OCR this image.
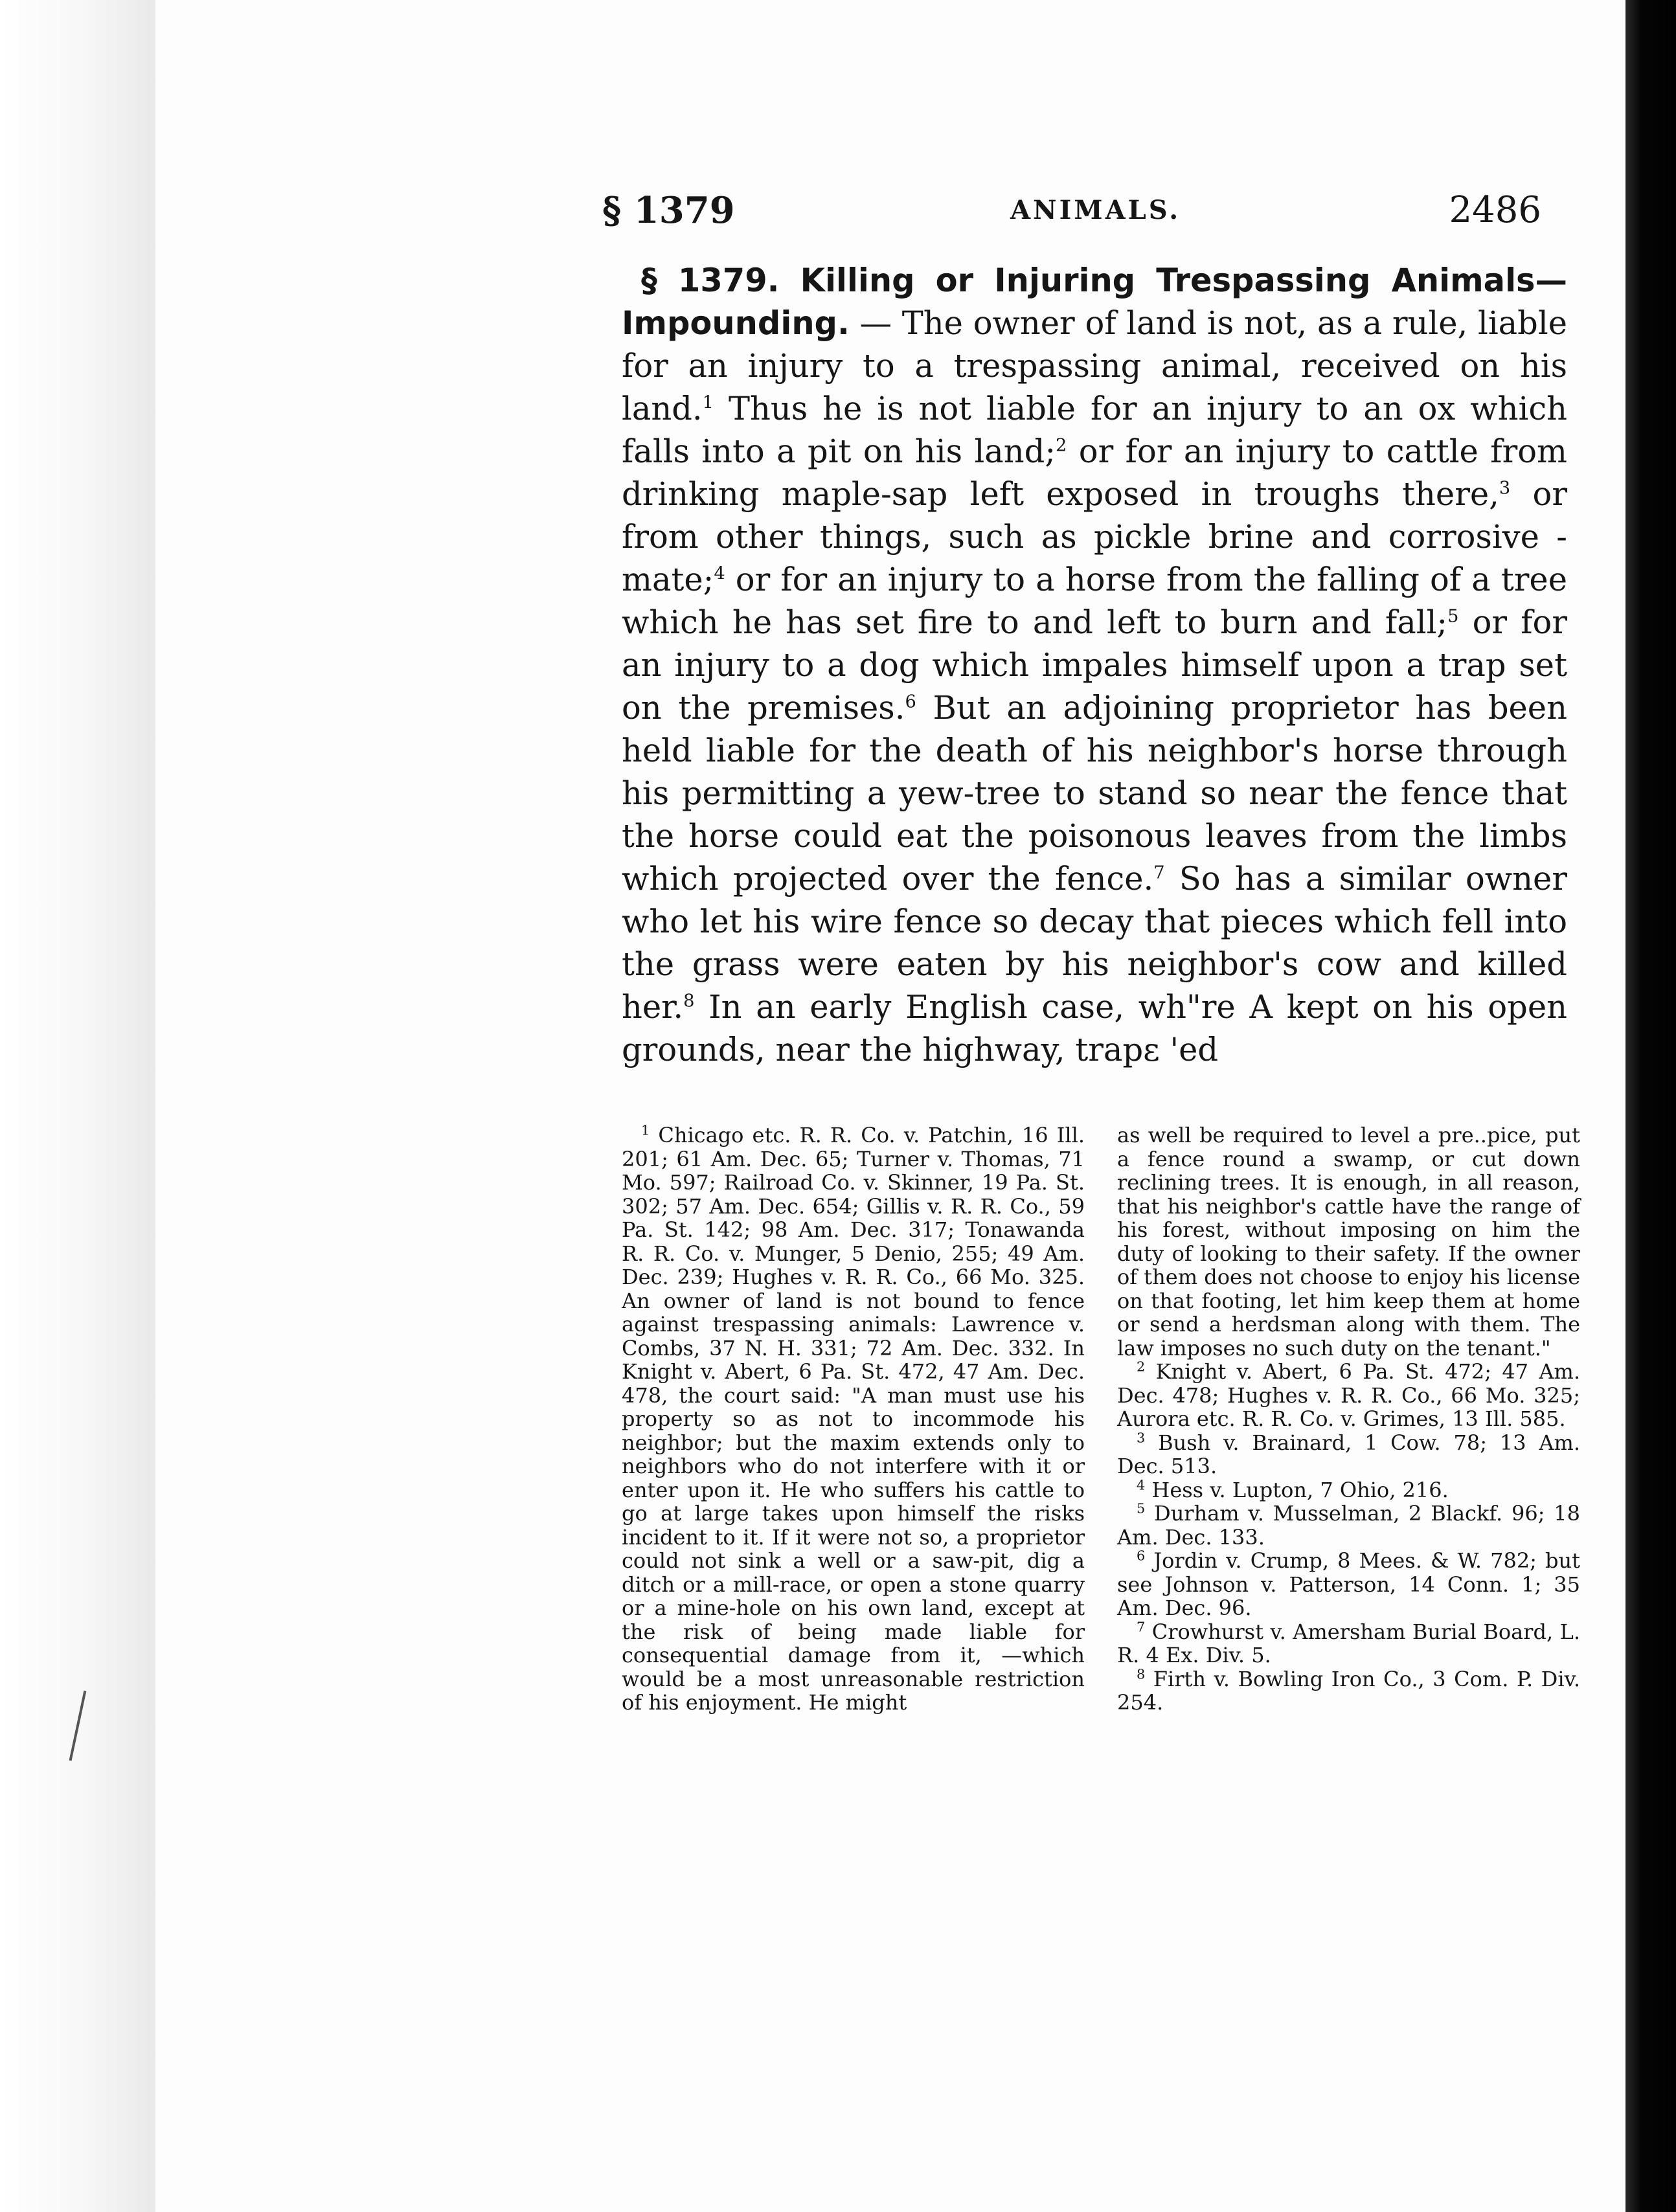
§ 1379	ANIMALS.	2486

§ 1379. Killing or Injuring Trespassing Animals— Impounding. — The owner of land is not, as a rule, liable for an injury to a trespassing animal, received on his land.$^1$ Thus he is not liable for an injury to an ox which falls into a pit on his land;$^2$ or for an injury to cattle from drinking maple-sap left exposed in troughs there,$^3$ or from other things, such as pickle brine and corrosive -mate;$^4$ or for an injury to a horse from the falling of a tree which he has set fire to and left to burn and fall;$^5$ or for an injury to a dog which impales himself upon a trap set on the premises.$^6$ But an adjoining proprietor has been held liable for the death of his neighbor's horse through his permitting a yew-tree to stand so near the fence that the horse could eat the poisonous leaves from the limbs which projected over the fence.$^7$ So has a similar owner who let his wire fence so decay that pieces which fell into the grass were eaten by his neighbor's cow and killed her.$^8$ In an early English case, wh"re A kept on his open grounds, near the highway, trapε 'ed

$^1$ Chicago etc. R. R. Co. v. Patchin, 16 Ill. 201; 61 Am. Dec. 65; Turner v. Thomas, 71 Mo. 597; Railroad Co. v. Skinner, 19 Pa. St. 302; 57 Am. Dec. 654; Gillis v. R. R. Co., 59 Pa. St. 142; 98 Am. Dec. 317; Tonawanda R. R. Co. v. Munger, 5 Denio, 255; 49 Am. Dec. 239; Hughes v. R. R. Co., 66 Mo. 325. An owner of land is not bound to fence against trespassing animals: Lawrence v. Combs, 37 N. H. 331; 72 Am. Dec. 332. In Knight v. Abert, 6 Pa. St. 472, 47 Am. Dec. 478, the court said: "A man must use his property so as not to incommode his neighbor; but the maxim extends only to neighbors who do not interfere with it or enter upon it. He who suffers his cattle to go at large takes upon himself the risks incident to it. If it were not so, a proprietor could not sink a well or a saw-pit, dig a ditch or a mill-race, or open a stone quarry or a mine-hole on his own land, except at the risk of being made liable for consequential damage from it, —which would be a most unreasonable restriction of his enjoyment. He might

as well be required to level a pre..pice, put a fence round a swamp, or cut down reclining trees. It is enough, in all reason, that his neighbor's cattle have the range of his forest, without imposing on him the duty of looking to their safety. If the owner of them does not choose to enjoy his license on that footing, let him keep them at home or send a herdsman along with them. The law imposes no such duty on the tenant."

$^2$ Knight v. Abert, 6 Pa. St. 472; 47 Am. Dec. 478; Hughes v. R. R. Co., 66 Mo. 325; Aurora etc. R. R. Co. v. Grimes, 13 Ill. 585.

$^3$ Bush v. Brainard, 1 Cow. 78; 13 Am. Dec. 513.

$^4$ Hess v. Lupton, 7 Ohio, 216.

$^5$ Durham v. Musselman, 2 Blackf. 96; 18 Am. Dec. 133.

$^6$ Jordin v. Crump, 8 Mees. & W. 782; but see Johnson v. Patterson, 14 Conn. 1; 35 Am. Dec. 96.

$^7$ Crowhurst v. Amersham Burial Board, L. R. 4 Ex. Div. 5.

$^8$ Firth v. Bowling Iron Co., 3 Com. P. Div. 254.
